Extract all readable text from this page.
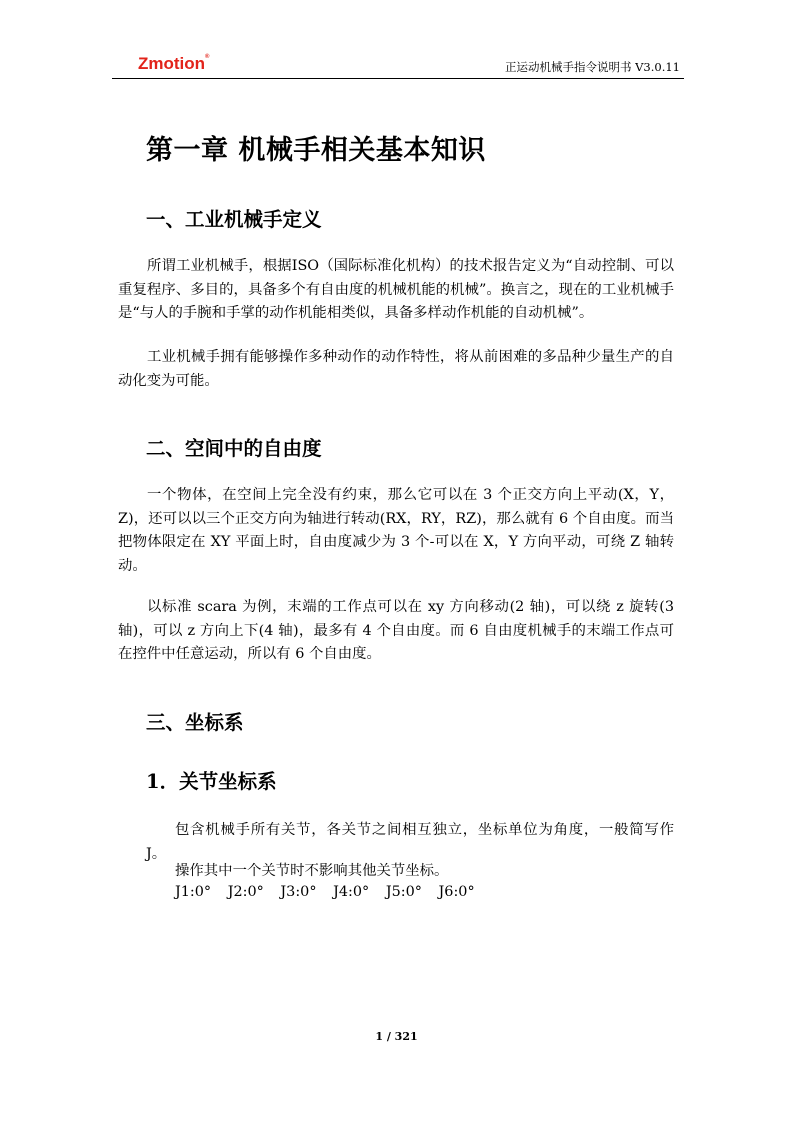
Zmotion®
正运动机械手指令说明书 V3.0.11
第一章 机械手相关基本知识
一、工业机械手定义

所谓工业机械手，根据ISO（国际标准化机构）的技术报告定义为“自动控制、可以重复程序、多目的，具备多个有自由度的机械机能的机械”。换言之，现在的工业机械手是“与人的手腕和手掌的动作机能相类似，具备多样动作机能的自动机械”。

工业机械手拥有能够操作多种动作的动作特性，将从前困难的多品种少量生产的自动化变为可能。

二、空间中的自由度

一个物体，在空间上完全没有约束，那么它可以在 3 个正交方向上平动(X，Y，Z)，还可以以三个正交方向为轴进行转动(RX，RY，RZ)，那么就有 6 个自由度。而当把物体限定在 XY 平面上时，自由度减少为 3 个-可以在 X，Y 方向平动，可绕 Z 轴转动。

以标准 scara 为例，末端的工作点可以在 xy 方向移动(2 轴)，可以绕 z 旋转(3 轴)，可以 z 方向上下(4 轴)，最多有 4 个自由度。而 6 自由度机械手的末端工作点可在控件中任意运动，所以有 6 个自由度。

三、坐标系
1．关节坐标系

包含机械手所有关节，各关节之间相互独立，坐标单位为角度，一般简写作 J。

操作其中一个关节时不影响其他关节坐标。

J1:0° J2:0° J3:0° J4:0° J5:0° J6:0°
1 / 321
